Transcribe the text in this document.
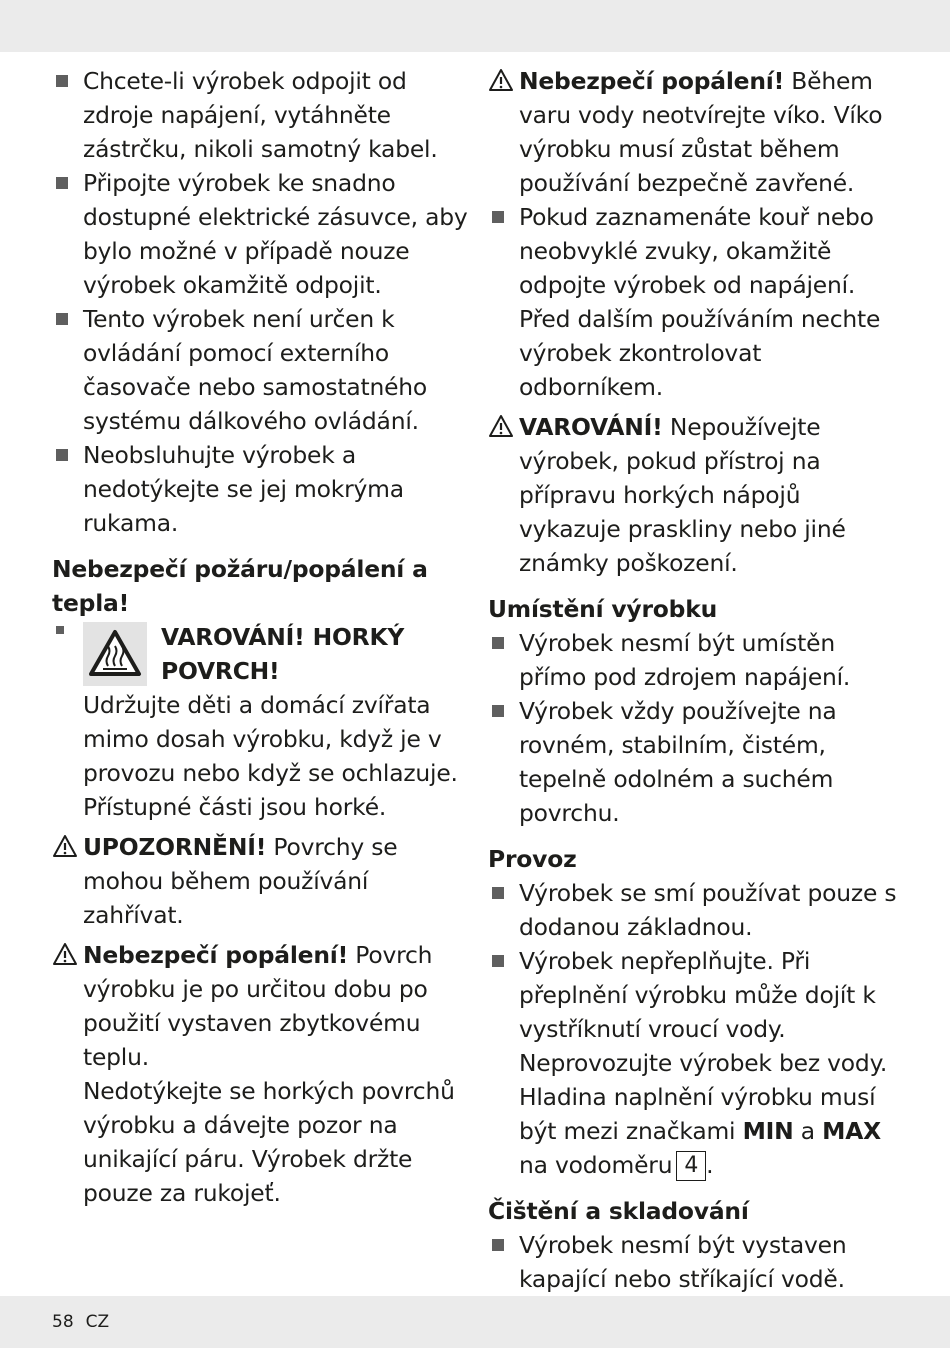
Chcete-li výrobek odpojit od zdroje napájení, vytáhněte zástrčku, nikoli samotný kabel.
Připojte výrobek ke snadno dostupné elektrické zásuvce, aby bylo možné v případě nouze výrobek okamžitě odpojit.
Tento výrobek není určen k ovládání pomocí externího časovače nebo samostatného systému dálkového ovládání.
Neobsluhujte výrobek a nedotýkejte se jej mokrýma rukama.
Nebezpečí požáru/popálení a tepla!
VAROVÁNÍ! HORKÝ POVRCH!
Udržujte děti a domácí zvířata mimo dosah výrobku, když je v provozu nebo když se ochlazuje. Přístupné části jsou horké.
UPOZORNĚNÍ! Povrchy se mohou během používání zahřívat.
Nebezpečí popálení! Povrch výrobku je po určitou dobu po použití vystaven zbytkovému teplu.
Nedotýkejte se horkých povrchů výrobku a dávejte pozor na unikající páru. Výrobek držte pouze za rukojeť.
Nebezpečí popálení! Během varu vody neotvírejte víko. Víko výrobku musí zůstat během používání bezpečně zavřené.
Pokud zaznamenáte kouř nebo neobvyklé zvuky, okamžitě odpojte výrobek od napájení. Před dalším používáním nechte výrobek zkontrolovat odborníkem.
VAROVÁNÍ! Nepoužívejte výrobek, pokud přístroj na přípravu horkých nápojů vykazuje praskliny nebo jiné známky poškození.
Umístění výrobku
Výrobek nesmí být umístěn přímo pod zdrojem napájení.
Výrobek vždy používejte na rovném, stabilním, čistém, tepelně odolném a suchém povrchu.
Provoz
Výrobek se smí používat pouze s dodanou základnou.
Výrobek nepřeplňujte. Při přeplnění výrobku může dojít k vystříknutí vroucí vody. Neprovozujte výrobek bez vody. Hladina naplnění výrobku musí být mezi značkami MIN a MAX na vodoměru 4 .
Čištění a skladování
Výrobek nesmí být vystaven kapající nebo stříkající vodě.
58 CZ
